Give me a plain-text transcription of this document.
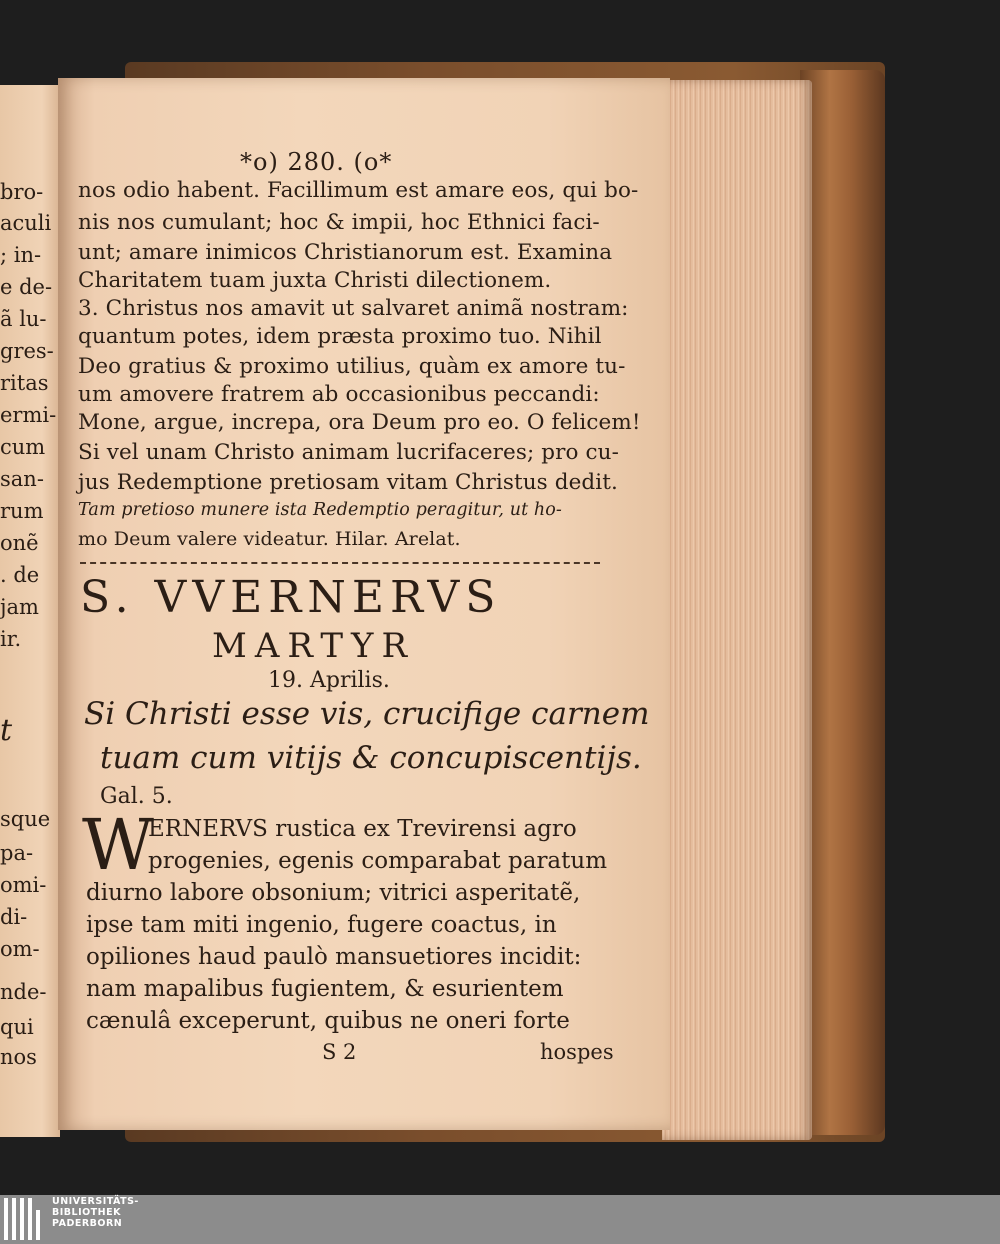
bro-
aculi
; in-
e de-
ã lu-
gres-
ritas
ermi-
cum
san-
rum
onẽ
. de
jam
ir.
t
sque
pa-
omi-
di-
om-
nde-
qui
nos
*o) 280. (o*
nos odio habent. Facillimum est amare eos, qui bo-
nis nos cumulant; hoc & impii, hoc Ethnici faci-
unt; amare inimicos Christianorum est. Examina
Charitatem tuam juxta Christi dilectionem.
3. Christus nos amavit ut salvaret animã nostram:
quantum potes, idem præsta proximo tuo. Nihil
Deo gratius & proximo utilius, quàm ex amore tu-
um amovere fratrem ab occasionibus peccandi:
Mone, argue, increpa, ora Deum pro eo. O felicem!
Si vel unam Christo animam lucrifaceres; pro cu-
jus Redemptione pretiosam vitam Christus dedit.
Tam pretioso munere ista Redemptio peragitur, ut ho-
mo Deum valere videatur. Hilar. Arelat.
S. VVERNERVS
MARTYR
19. Aprilis.
Si Christi esse vis, crucifige carnem
tuam cum vitijs & concupiscentijs.
Gal. 5.
W
ERNERVS rustica ex Trevirensi agro
progenies, egenis comparabat paratum
diurno labore obsonium; vitrici asperitatẽ,
ipse tam miti ingenio, fugere coactus, in
opiliones haud paulò mansuetiores incidit:
nam mapalibus fugientem, & esurientem
cænulâ exceperunt, quibus ne oneri forte
S 2	hospes
UNIVERSITÄTS-
BIBLIOTHEK
PADERBORN
